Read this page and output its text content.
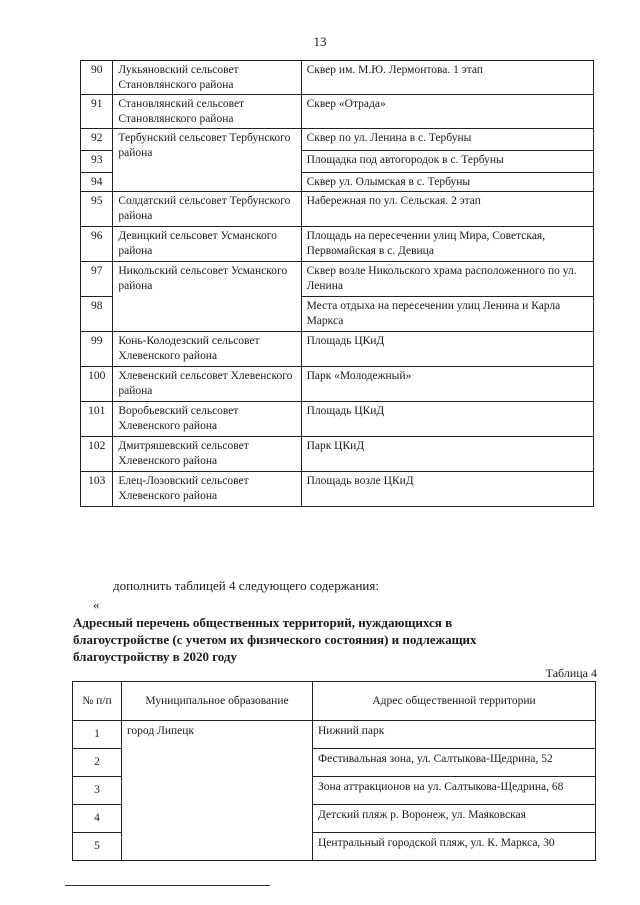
13
90	Лукьяновский сельсовет Становлянского района	Сквер им. М.Ю. Лермонтова. 1 этап
91	Становлянский сельсовет Становлянского района	Сквер «Отрада»
92	Тербунский сельсовет Тербунского района	Сквер по ул. Ленина в с. Тербуны
93		Площадка под автогородок в с. Тербуны
94		Сквер ул. Олымская в с. Тербуны
95	Солдатский сельсовет Тербунского района	Набережная по ул. Сельская. 2 этап
96	Девицкий сельсовет Усманского района	Площадь на пересечении улиц Мира, Советская, Первомайская в с. Девица
97	Никольский сельсовет Усманского района	Сквер возле Никольского храма расположенного по ул. Ленина
98		Места отдыха на пересечении улиц Ленина и Карла Маркса
99	Конь-Колодезский сельсовет Хлевенского района	Площадь ЦКиД
100	Хлевенский сельсовет Хлевенского района	Парк «Молодежный»
101	Воробьевский сельсовет Хлевенского района	Площадь ЦКиД
102	Дмитряшевский сельсовет Хлевенского района	Парк ЦКиД
103	Елец-Лозовский сельсовет Хлевенского района	Площадь возле ЦКиД
дополнить таблицей 4 следующего содержания:
«
Адресный перечень общественных территорий, нуждающихся в
благоустройстве (с учетом их физического состояния) и подлежащих
благоустройству в 2020 году
Таблица 4
№ п/п	Муниципальное образование	Адрес общественной территории
1	город Липецк	Нижний парк
2		Фестивальная зона, ул. Салтыкова-Щедрина, 52
3		Зона аттракционов на ул. Салтыкова-Щедрина, 68
4		Детский пляж р. Воронеж, ул. Маяковская
5		Центральный городской пляж, ул. К. Маркса, 30
